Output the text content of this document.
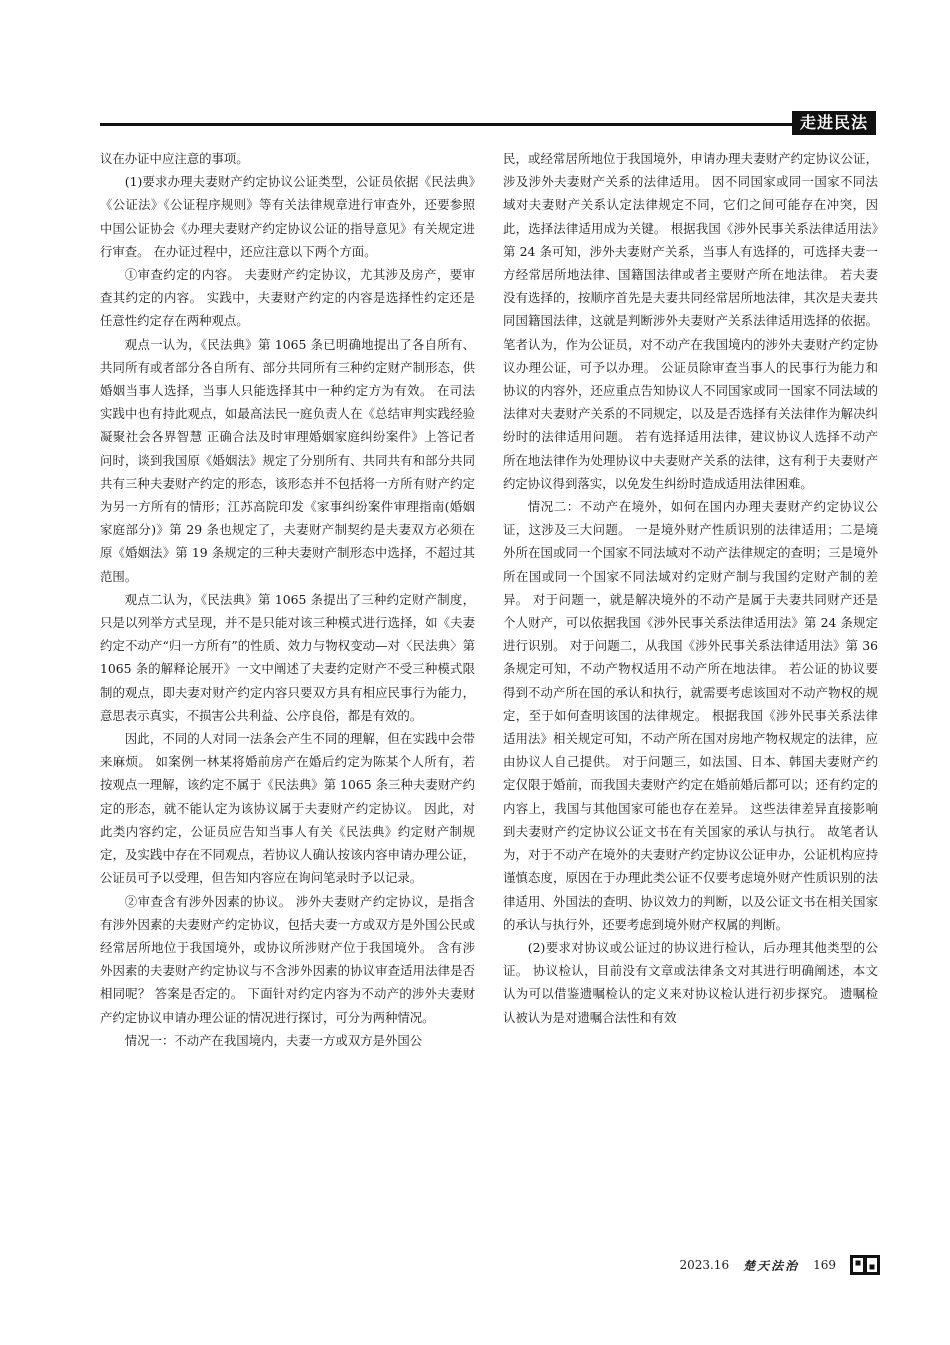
走进民法典

议在办证中应注意的事项。

(1)要求办理夫妻财产约定协议公证类型，公证员依据《民法典》《公证法》《公证程序规则》等有关法律规章进行审查外，还要参照中国公证协会《办理夫妻财产约定协议公证的指导意见》有关规定进行审查。 在办证过程中，还应注意以下两个方面。

①审查约定的内容。 夫妻财产约定协议，尤其涉及房产，要审查其约定的内容。 实践中，夫妻财产约定的内容是选择性约定还是任意性约定存在两种观点。

观点一认为，《民法典》第 1065 条已明确地提出了各自所有、共同所有或者部分各自所有、部分共同所有三种约定财产制形态，供婚姻当事人选择，当事人只能选择其中一种约定方为有效。 在司法实践中也有持此观点，如最高法民一庭负责人在《总结审判实践经验凝聚社会各界智慧 正确合法及时审理婚姻家庭纠纷案件》上答记者问时，谈到我国原《婚姻法》规定了分别所有、共同共有和部分共同共有三种夫妻财产约定的形态，该形态并不包括将一方所有财产约定为另一方所有的情形；江苏高院印发《家事纠纷案件审理指南(婚姻家庭部分)》第 29 条也规定了，夫妻财产制契约是夫妻双方必须在原《婚姻法》第 19 条规定的三种夫妻财产制形态中选择，不超过其范围。

观点二认为，《民法典》第 1065 条提出了三种约定财产制度，只是以列举方式呈现，并不是只能对该三种模式进行选择，如《夫妻约定不动产“归一方所有”的性质、效力与物权变动—对〈民法典〉第 1065 条的解释论展开》一文中阐述了夫妻约定财产不受三种模式限制的观点，即夫妻对财产约定内容只要双方具有相应民事行为能力，意思表示真实，不损害公共利益、公序良俗，都是有效的。

因此，不同的人对同一法条会产生不同的理解，但在实践中会带来麻烦。 如案例一林某将婚前房产在婚后约定为陈某个人所有，若按观点一理解，该约定不属于《民法典》第 1065 条三种夫妻财产约定的形态，就不能认定为该协议属于夫妻财产约定协议。 因此，对此类内容约定，公证员应告知当事人有关《民法典》约定财产制规定，及实践中存在不同观点，若协议人确认按该内容申请办理公证，公证员可予以受理，但告知内容应在询问笔录时予以记录。

②审查含有涉外因素的协议。 涉外夫妻财产约定协议，是指含有涉外因素的夫妻财产约定协议，包括夫妻一方或双方是外国公民或经常居所地位于我国境外，或协议所涉财产位于我国境外。 含有涉外因素的夫妻财产约定协议与不含涉外因素的协议审查适用法律是否相同呢？ 答案是否定的。 下面针对约定内容为不动产的涉外夫妻财产约定协议申请办理公证的情况进行探讨，可分为两种情况。

情况一：不动产在我国境内，夫妻一方或双方是外国公

民，或经常居所地位于我国境外，申请办理夫妻财产约定协议公证，涉及涉外夫妻财产关系的法律适用。 因不同国家或同一国家不同法域对夫妻财产关系认定法律规定不同，它们之间可能存在冲突，因此，选择法律适用成为关键。 根据我国《涉外民事关系法律适用法》第 24 条可知，涉外夫妻财产关系，当事人有选择的，可选择夫妻一方经常居所地法律、国籍国法律或者主要财产所在地法律。 若夫妻没有选择的，按顺序首先是夫妻共同经常居所地法律，其次是夫妻共同国籍国法律，这就是判断涉外夫妻财产关系法律适用选择的依据。 笔者认为，作为公证员，对不动产在我国境内的涉外夫妻财产约定协议办理公证，可予以办理。 公证员除审查当事人的民事行为能力和协议的内容外，还应重点告知协议人不同国家或同一国家不同法域的法律对夫妻财产关系的不同规定，以及是否选择有关法律作为解决纠纷时的法律适用问题。 若有选择适用法律，建议协议人选择不动产所在地法律作为处理协议中夫妻财产关系的法律，这有利于夫妻财产约定协议得到落实，以免发生纠纷时造成适用法律困难。

情况二：不动产在境外，如何在国内办理夫妻财产约定协议公证，这涉及三大问题。 一是境外财产性质识别的法律适用；二是境外所在国或同一个国家不同法域对不动产法律规定的查明；三是境外所在国或同一个国家不同法域对约定财产制与我国约定财产制的差异。 对于问题一，就是解决境外的不动产是属于夫妻共同财产还是个人财产，可以依据我国《涉外民事关系法律适用法》第 24 条规定进行识别。 对于问题二，从我国《涉外民事关系法律适用法》第 36 条规定可知，不动产物权适用不动产所在地法律。 若公证的协议要得到不动产所在国的承认和执行，就需要考虑该国对不动产物权的规定，至于如何查明该国的法律规定。 根据我国《涉外民事关系法律适用法》相关规定可知，不动产所在国对房地产物权规定的法律，应由协议人自己提供。 对于问题三，如法国、日本、韩国夫妻财产约定仅限于婚前，而我国夫妻财产约定在婚前婚后都可以；还有约定的内容上，我国与其他国家可能也存在差异。 这些法律差异直接影响到夫妻财产约定协议公证文书在有关国家的承认与执行。 故笔者认为，对于不动产在境外的夫妻财产约定协议公证申办，公证机构应持谨慎态度，原因在于办理此类公证不仅要考虑境外财产性质识别的法律适用、外国法的查明、协议效力的判断，以及公证文书在相关国家的承认与执行外，还要考虑到境外财产权属的判断。

(2)要求对协议或公证过的协议进行检认，后办理其他类型的公证。 协议检认，目前没有文章或法律条文对其进行明确阐述，本文认为可以借鉴遗嘱检认的定义来对协议检认进行初步探究。 遗嘱检认被认为是对遗嘱合法性和有效

2023.16 楚天法治 169
